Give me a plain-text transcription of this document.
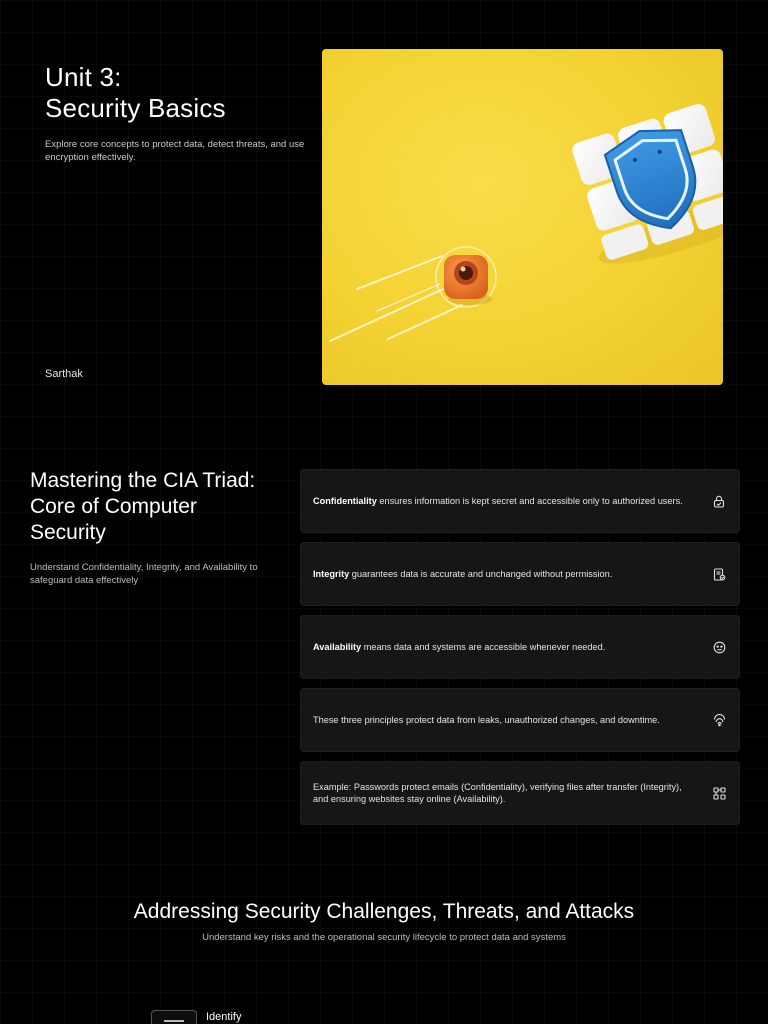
Unit 3:
Security Basics

Explore core concepts to protect data, detect threats, and use encryption effectively.

Sarthak
Mastering the CIA Triad: Core of Computer Security

Understand Confidentiality, Integrity, and Availability to safeguard data effectively

Confidentiality ensures information is kept secret and accessible only to authorized users.
Integrity guarantees data is accurate and unchanged without permission.
Availability means data and systems are accessible whenever needed.
These three principles protect data from leaks, unauthorized changes, and downtime.
Example: Passwords protect emails (Confidentiality), verifying files after transfer (Integrity), and ensuring websites stay online (Availability).
Addressing Security Challenges, Threats, and Attacks

Understand key risks and the operational security lifecycle to protect data and systems

Identify
